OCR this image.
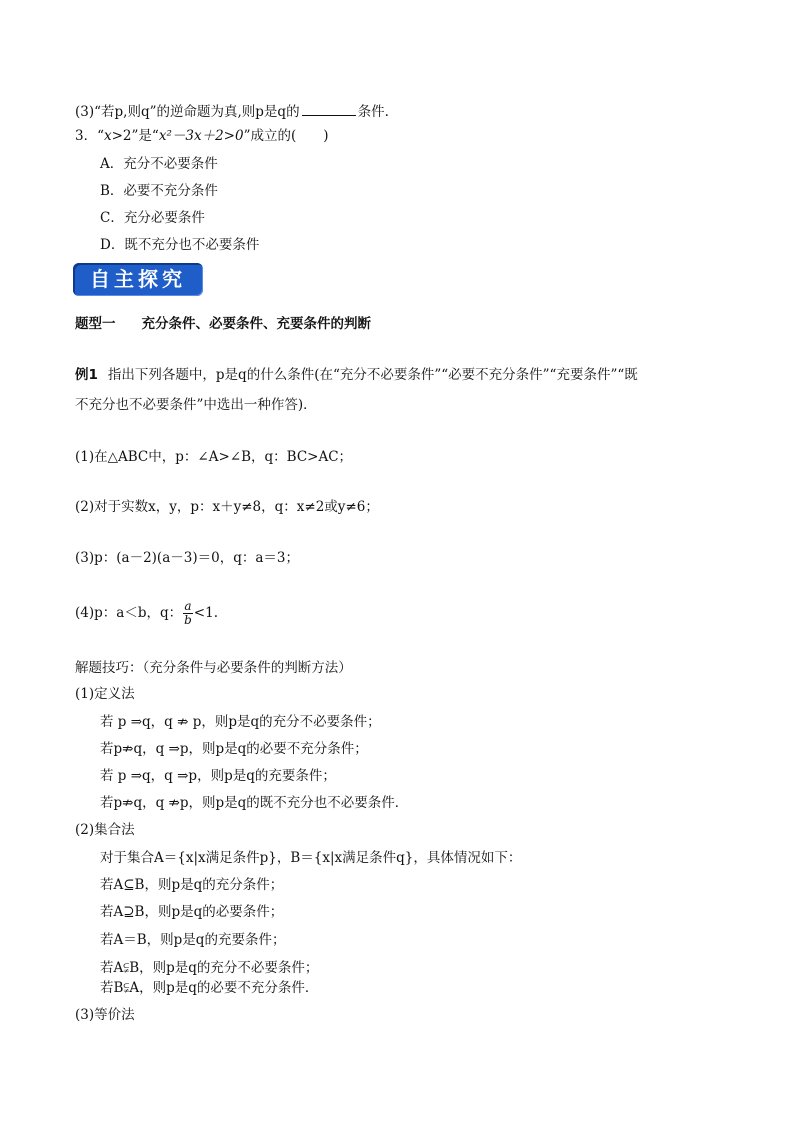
(3)“若p,则q”的逆命题为真,则p是q的	条件.
3．“x>2”是“x²－3x＋2>0”成立的(　　)
A．充分不必要条件
B．必要不充分条件
C．充分必要条件
D．既不充分也不必要条件
自主探究
题型一 充分条件、必要条件、充要条件的判断
例1 指出下列各题中，p是q的什么条件(在“充分不必要条件”“必要不充分条件”“充要条件”“既
不充分也不必要条件”中选出一种作答)．
(1)在△ABC中，p：∠A>∠B，q：BC>AC；
(2)对于实数x，y，p：x＋y≠8，q：x≠2或y≠6；
(3)p：(a－2)(a－3)＝0，q：a＝3；
(4)p：a＜b，q： $\frac{a}{b} <1$.
解题技巧：（充分条件与必要条件的判断方法）
(1)定义法
若 p ⇒q，q ⇏ p，则p是q的充分不必要条件；
若p⇏q，q ⇒p，则p是q的必要不充分条件；
若 p ⇒q，q ⇒p，则p是q的充要条件；
若p⇏q，q ⇏p，则p是q的既不充分也不必要条件．
(2)集合法
对于集合A＝{x|x满足条件p}，B＝{x|x满足条件q}，具体情况如下：
若A⊆B，则p是q的充分条件；
若A⊇B，则p是q的必要条件；
若A＝B，则p是q的充要条件；
若A⫋B，则p是q的充分不必要条件；
若B⫋A，则p是q的必要不充分条件．
(3)等价法
